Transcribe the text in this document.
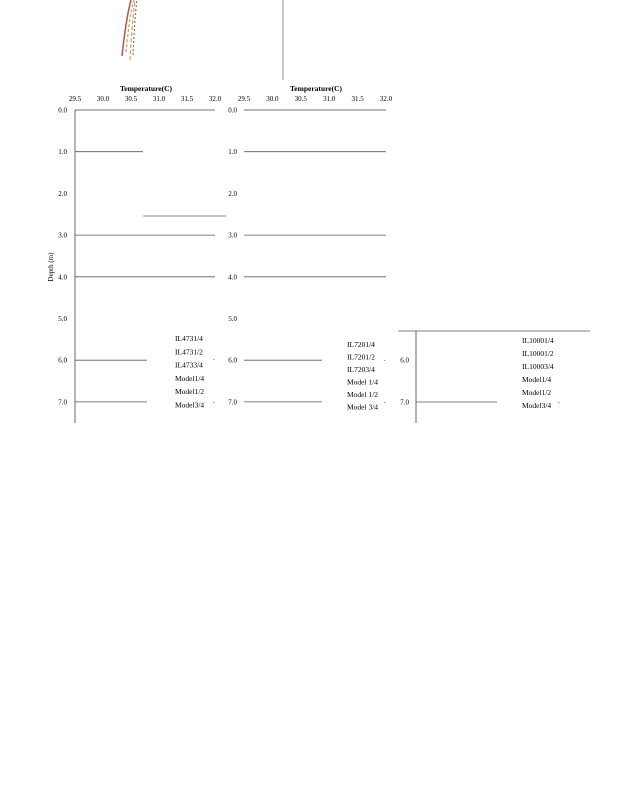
Temperature(C)
29.5 30.0 30.5 31.0 31.5 32.0
0.0
1.0
2.0
3.0
4.0
5.0
6.0
7.0
Depth (m)
IL4731/4
IL4731/2
IL4733/4
Model1/4
Model1/2
Model3/4
.
.
Temperature(C)
29.5 30.0 30.5 31.0 31.5 32.0
0.0
1.0
2.0
3.0
4.0
5.0
6.0
7.0
IL7201/4
IL7201/2
IL7203/4
Model 1/4
Model 1/2
Model 3/4
.
.
6.0
7.0
IL10001/4
IL10001/2
IL10003/4
Model1/4
Model1/2
Model3/4 .
